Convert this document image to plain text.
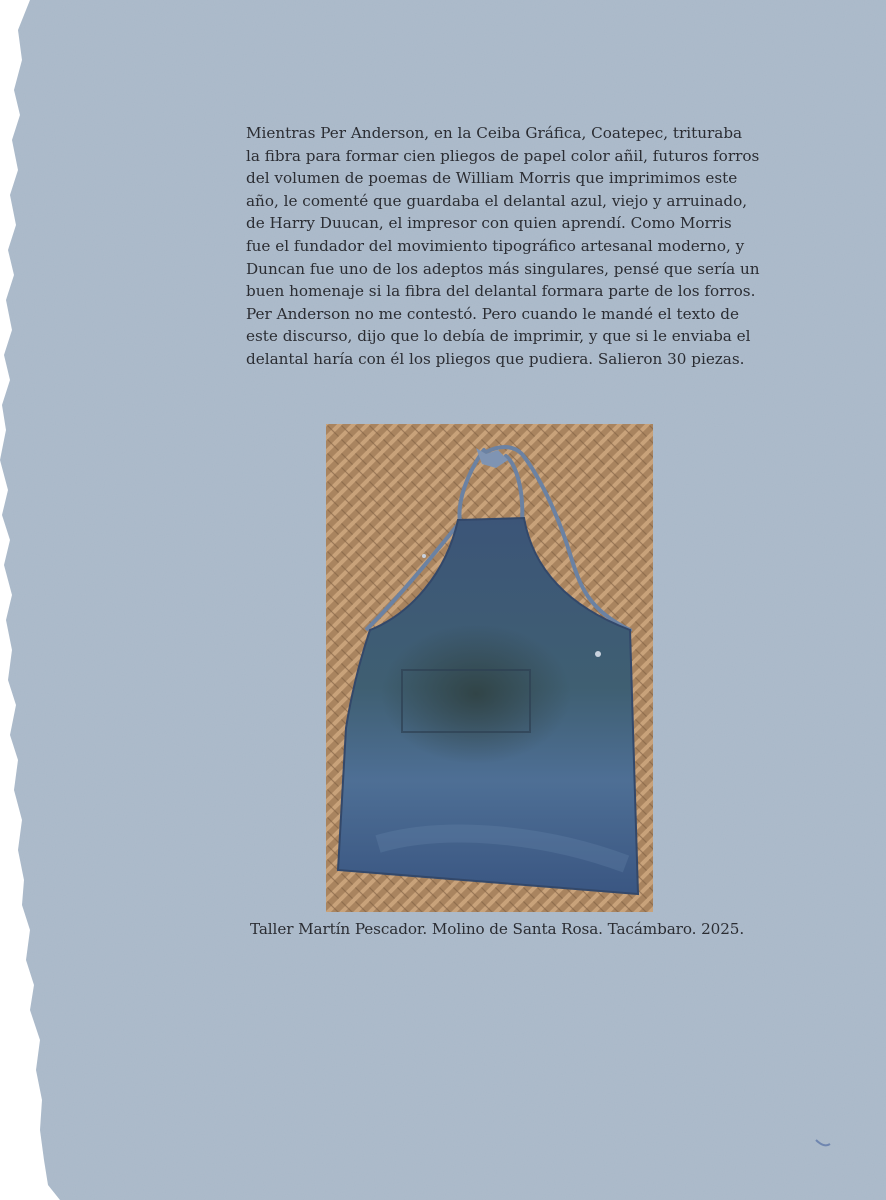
Mientras Per Anderson, en la Ceiba Gráfica, Coatepec, trituraba
la fibra para formar cien pliegos de papel color añil, futuros forros
del volumen de poemas de William Morris que imprimimos este
año, le comenté que guardaba el delantal azul, viejo y arruinado,
de Harry Duucan, el impresor con quien aprendí. Como Morris
fue el fundador del movimiento tipográfico artesanal moderno, y
Duncan fue uno de los adeptos más singulares, pensé que sería un
buen homenaje si la fibra del delantal formara parte de los forros.
Per Anderson no me contestó. Pero cuando le mandé el texto de
este discurso, dijo que lo debía de imprimir, y que si le enviaba el
delantal haría con él los pliegos que pudiera. Salieron 30 piezas.
Taller Martín Pescador. Molino de Santa Rosa. Tacámbaro. 2025.
